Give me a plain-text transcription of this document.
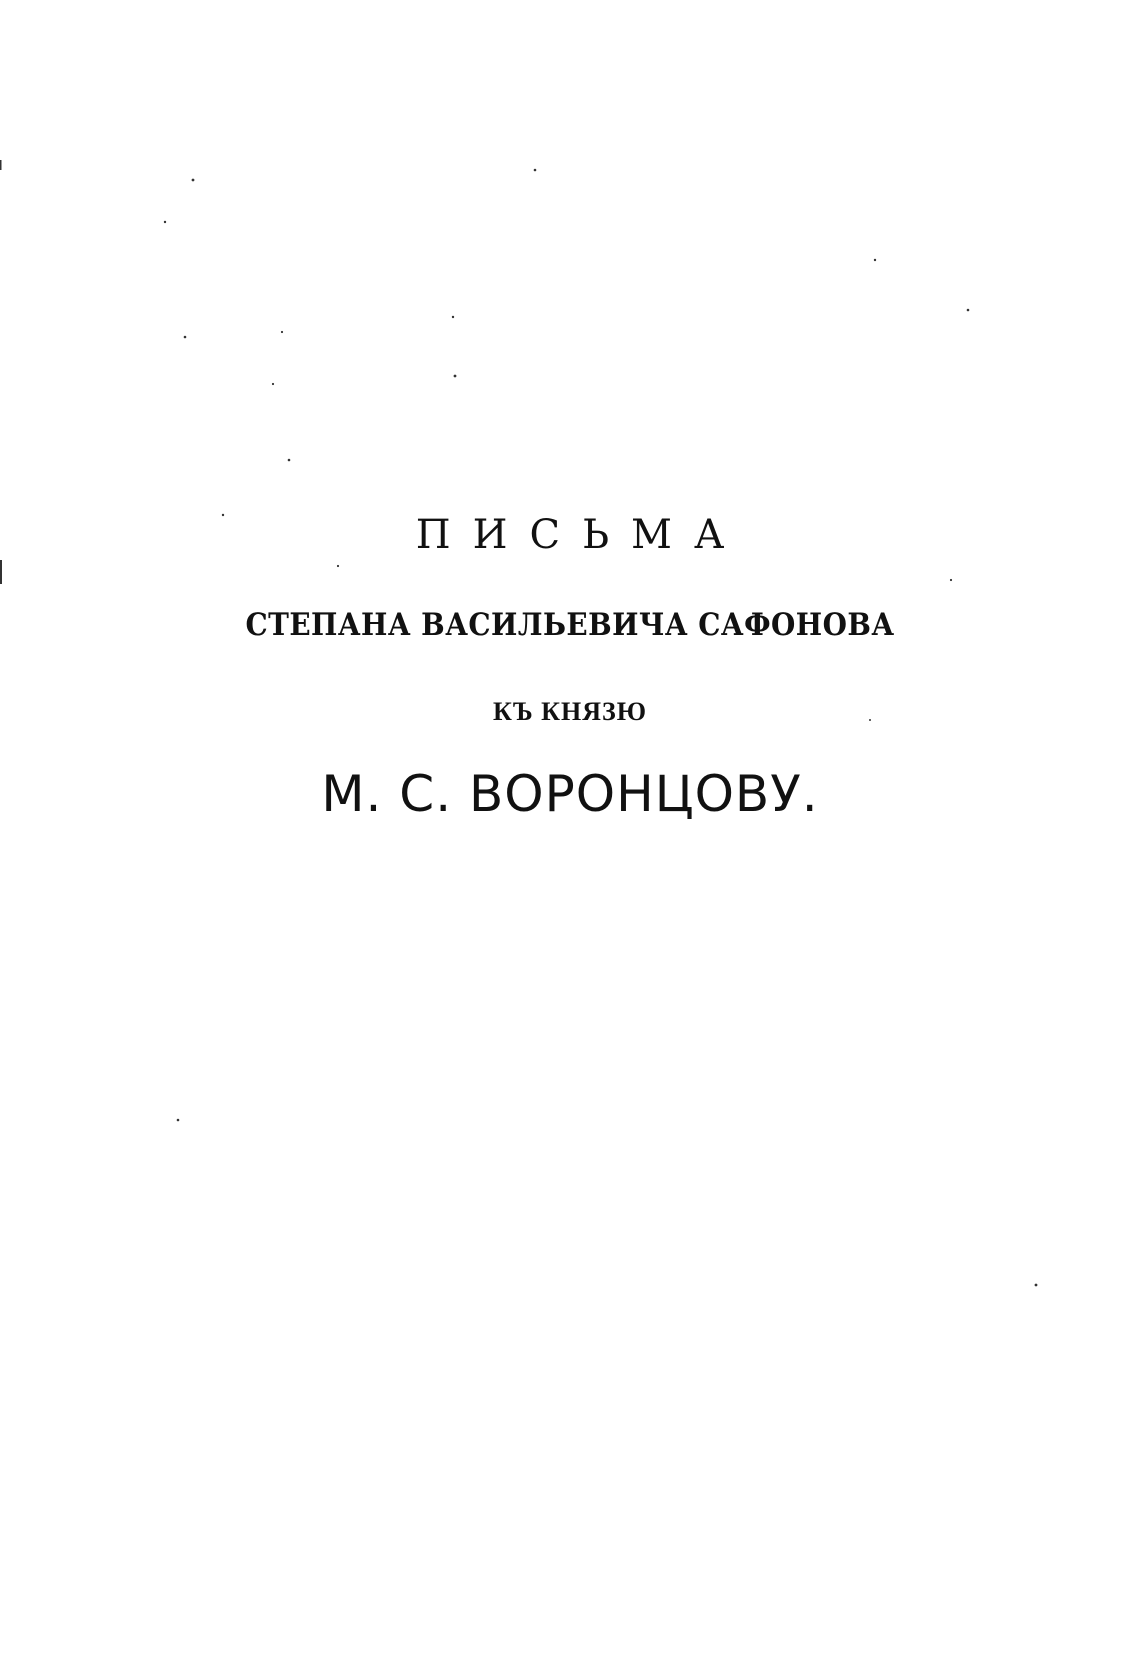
ПИСЬМА
СТЕПАНА ВАСИЛЬЕВИЧА САФОНОВА
КЪ КНЯЗЮ
М. С. ВОРОНЦОВУ.
